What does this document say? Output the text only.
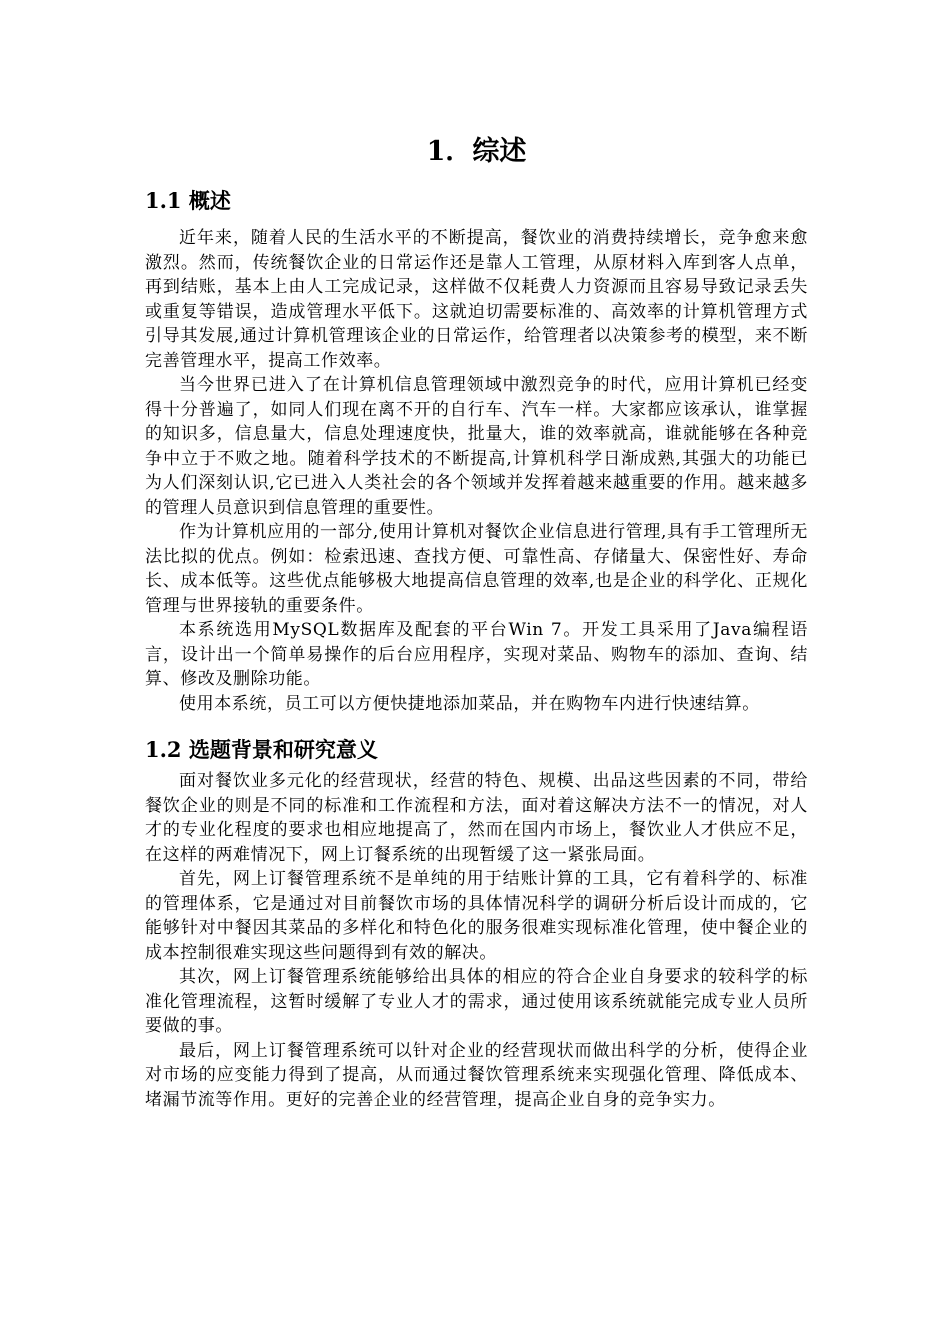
1．综述
1.1 概述

近年来，随着人民的生活水平的不断提高，餐饮业的消费持续增长，竞争愈来愈激烈。然而，传统餐饮企业的日常运作还是靠人工管理，从原材料入库到客人点单，再到结账，基本上由人工完成记录，这样做不仅耗费人力资源而且容易导致记录丢失或重复等错误，造成管理水平低下。这就迫切需要标准的、高效率的计算机管理方式引导其发展,通过计算机管理该企业的日常运作，给管理者以决策参考的模型，来不断完善管理水平，提高工作效率。

当今世界已进入了在计算机信息管理领域中激烈竞争的时代，应用计算机已经变得十分普遍了，如同人们现在离不开的自行车、汽车一样。大家都应该承认，谁掌握的知识多，信息量大，信息处理速度快，批量大，谁的效率就高，谁就能够在各种竞争中立于不败之地。随着科学技术的不断提高,计算机科学日渐成熟,其强大的功能已为人们深刻认识,它已进入人类社会的各个领域并发挥着越来越重要的作用。越来越多的管理人员意识到信息管理的重要性。

作为计算机应用的一部分,使用计算机对餐饮企业信息进行管理,具有手工管理所无法比拟的优点。例如：检索迅速、查找方便、可靠性高、存储量大、保密性好、寿命长、成本低等。这些优点能够极大地提高信息管理的效率,也是企业的科学化、正规化管理与世界接轨的重要条件。

本系统选用MySQL数据库及配套的平台Win 7。开发工具采用了Java编程语言，设计出一个简单易操作的后台应用程序，实现对菜品、购物车的添加、查询、结算、修改及删除功能。

使用本系统，员工可以方便快捷地添加菜品，并在购物车内进行快速结算。

1.2 选题背景和研究意义

面对餐饮业多元化的经营现状，经营的特色、规模、出品这些因素的不同，带给餐饮企业的则是不同的标准和工作流程和方法，面对着这解决方法不一的情况，对人才的专业化程度的要求也相应地提高了，然而在国内市场上，餐饮业人才供应不足，在这样的两难情况下，网上订餐系统的出现暂缓了这一紧张局面。

首先，网上订餐管理系统不是单纯的用于结账计算的工具，它有着科学的、标准的管理体系，它是通过对目前餐饮市场的具体情况科学的调研分析后设计而成的，它能够针对中餐因其菜品的多样化和特色化的服务很难实现标准化管理，使中餐企业的成本控制很难实现这些问题得到有效的解决。

其次，网上订餐管理系统能够给出具体的相应的符合企业自身要求的较科学的标准化管理流程，这暂时缓解了专业人才的需求，通过使用该系统就能完成专业人员所要做的事。

最后，网上订餐管理系统可以针对企业的经营现状而做出科学的分析，使得企业对市场的应变能力得到了提高，从而通过餐饮管理系统来实现强化管理、降低成本、堵漏节流等作用。更好的完善企业的经营管理，提高企业自身的竞争实力。
